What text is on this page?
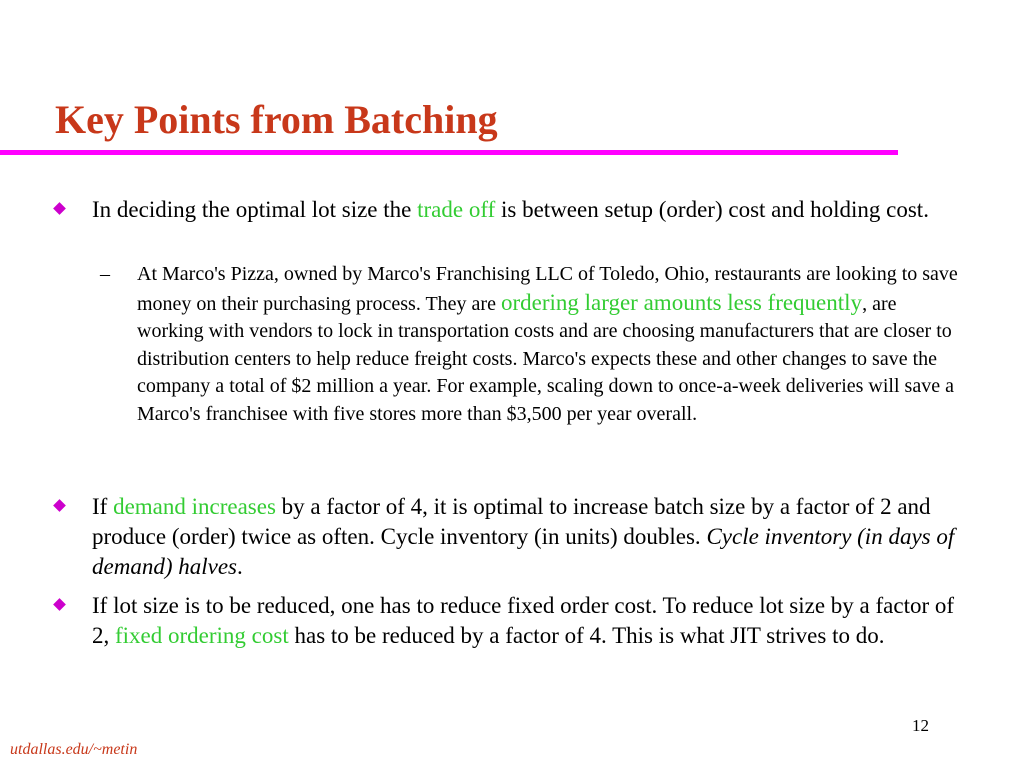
Key Points from Batching
In deciding the optimal lot size the trade off is between setup (order) cost and holding cost.
– At Marco's Pizza, owned by Marco's Franchising LLC of Toledo, Ohio, restaurants are looking to save money on their purchasing process. They are ordering larger amounts less frequently, are working with vendors to lock in transportation costs and are choosing manufacturers that are closer to distribution centers to help reduce freight costs. Marco's expects these and other changes to save the company a total of $2 million a year. For example, scaling down to once-a-week deliveries will save a Marco's franchisee with five stores more than $3,500 per year overall.
If demand increases by a factor of 4, it is optimal to increase batch size by a factor of 2 and produce (order) twice as often. Cycle inventory (in units) doubles. Cycle inventory (in days of demand) halves.
If lot size is to be reduced, one has to reduce fixed order cost. To reduce lot size by a factor of 2, fixed ordering cost has to be reduced by a factor of 4. This is what JIT strives to do.
12
utdallas.edu/~metin
